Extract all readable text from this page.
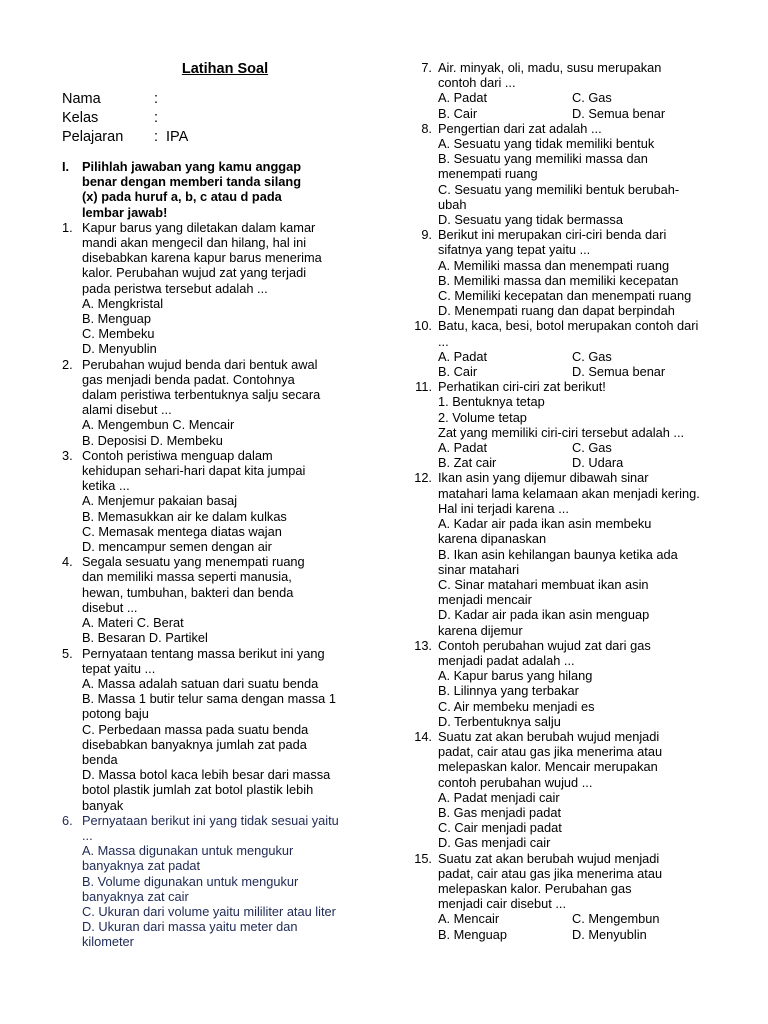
Latihan Soal
Nama	:
Kelas	:
Pelajaran	: IPA
I.	Pilihlah jawaban yang kamu anggap
benar dengan memberi tanda silang
(x) pada huruf a, b, c atau d pada
lembar jawab!
1. Kapur barus yang diletakan dalam kamar
mandi akan mengecil dan hilang, hal ini
disebabkan karena kapur barus menerima
kalor. Perubahan wujud zat yang terjadi
pada peristwa tersebut adalah ...
A. Mengkristal
B. Menguap
C. Membeku
D. Menyublin
2. Perubahan wujud benda dari bentuk awal
gas menjadi benda padat. Contohnya
dalam peristiwa terbentuknya salju secara
alami disebut ...
A. Mengembun C. Mencair
B. Deposisi D. Membeku
3. Contoh peristiwa menguap dalam
kehidupan sehari-hari dapat kita jumpai
ketika ...
A. Menjemur pakaian basaj
B. Memasukkan air ke dalam kulkas
C. Memasak mentega diatas wajan
D. mencampur semen dengan air
4. Segala sesuatu yang menempati ruang
dan memiliki massa seperti manusia,
hewan, tumbuhan, bakteri dan benda
disebut ...
A. Materi C. Berat
B. Besaran D. Partikel
5. Pernyataan tentang massa berikut ini yang
tepat yaitu ...
A. Massa adalah satuan dari suatu benda
B. Massa 1 butir telur sama dengan massa 1
potong baju
C. Perbedaan massa pada suatu benda
disebabkan banyaknya jumlah zat pada
benda
D. Massa botol kaca lebih besar dari massa
botol plastik jumlah zat botol plastik lebih
banyak
6. Pernyataan berikut ini yang tidak sesuai yaitu
...
A. Massa digunakan untuk mengukur
banyaknya zat padat
B. Volume digunakan untuk mengukur
banyaknya zat cair
C. Ukuran dari volume yaitu mililiter atau liter
D. Ukuran dari massa yaitu meter dan
kilometer
7. Air. minyak, oli, madu, susu merupakan
contoh dari ...
A. Padat	C. Gas
B. Cair	D. Semua benar
8. Pengertian dari zat adalah ...
A. Sesuatu yang tidak memiliki bentuk
B. Sesuatu yang memiliki massa dan
menempati ruang
C. Sesuatu yang memiliki bentuk berubah-
ubah
D. Sesuatu yang tidak bermassa
9. Berikut ini merupakan ciri-ciri benda dari
sifatnya yang tepat yaitu ...
A. Memiliki massa dan menempati ruang
B. Memiliki massa dan memiliki kecepatan
C. Memiliki kecepatan dan menempati ruang
D. Menempati ruang dan dapat berpindah
10. Batu, kaca, besi, botol merupakan contoh dari
...
A. Padat	C. Gas
B. Cair	D. Semua benar
11. Perhatikan ciri-ciri zat berikut!
1. Bentuknya tetap
2. Volume tetap
Zat yang memiliki ciri-ciri tersebut adalah ...
A. Padat	C. Gas
B. Zat cair	D. Udara
12. Ikan asin yang dijemur dibawah sinar
matahari lama kelamaan akan menjadi kering.
Hal ini terjadi karena ...
A. Kadar air pada ikan asin membeku
karena dipanaskan
B. Ikan asin kehilangan baunya ketika ada
sinar matahari
C. Sinar matahari membuat ikan asin
menjadi mencair
D. Kadar air pada ikan asin menguap
karena dijemur
13. Contoh perubahan wujud zat dari gas
menjadi padat adalah ...
A. Kapur barus yang hilang
B. Lilinnya yang terbakar
C. Air membeku menjadi es
D. Terbentuknya salju
14. Suatu zat akan berubah wujud menjadi
padat, cair atau gas jika menerima atau
melepaskan kalor. Mencair merupakan
contoh perubahan wujud ...
A. Padat menjadi cair
B. Gas menjadi padat
C. Cair menjadi padat
D. Gas menjadi cair
15. Suatu zat akan berubah wujud menjadi
padat, cair atau gas jika menerima atau
melepaskan kalor. Perubahan gas
menjadi cair disebut ...
A. Mencair	C. Mengembun
B. Menguap	D. Menyublin
